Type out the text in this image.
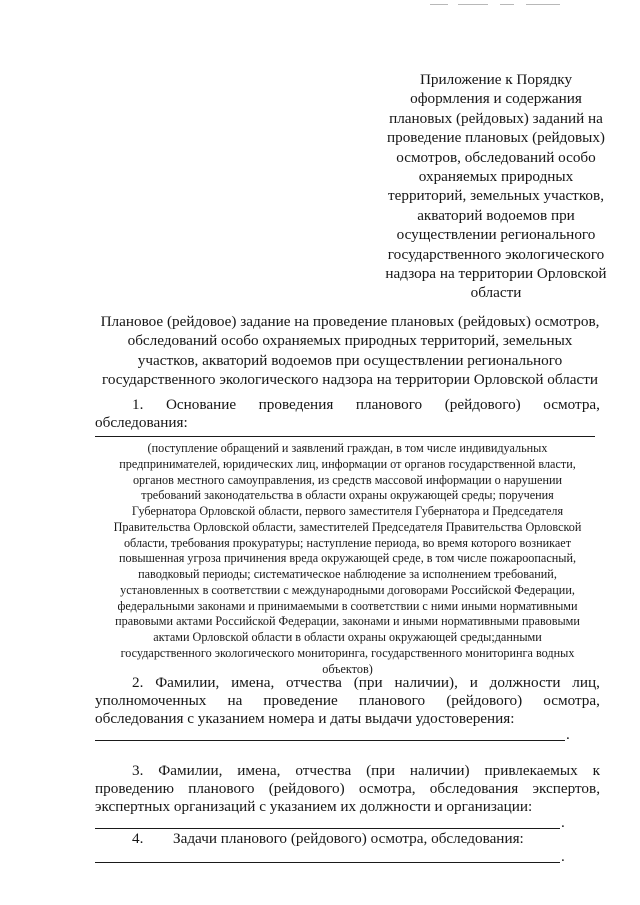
Приложение к Порядку
оформления и содержания
плановых (рейдовых) заданий на
проведение плановых (рейдовых)
осмотров, обследований особо
охраняемых природных
территорий, земельных участков,
акваторий водоемов при
осуществлении регионального
государственного экологического
надзора на территории Орловской
области
Плановое (рейдовое) задание на проведение плановых (рейдовых) осмотров,
обследований особо охраняемых природных территорий, земельных
участков, акваторий водоемов при осуществлении регионального
государственного экологического надзора на территории Орловской области
1. Основание проведения планового (рейдового) осмотра,
обследования:
(поступление обращений и заявлений граждан, в том числе индивидуальных
предпринимателей, юридических лиц, информации от органов государственной власти,
органов местного самоуправления, из средств массовой информации о нарушении
требований законодательства в области охраны окружающей среды; поручения
Губернатора Орловской области, первого заместителя Губернатора и Председателя
Правительства Орловской области, заместителей Председателя Правительства Орловской
области, требования прокуратуры; наступление периода, во время которого возникает
повышенная угроза причинения вреда окружающей среде, в том числе пожароопасный,
паводковый периоды; систематическое наблюдение за исполнением требований,
установленных в соответствии с международными договорами Российской Федерации,
федеральными законами и принимаемыми в соответствии с ними иными нормативными
правовыми актами Российской Федерации, законами и иными нормативными правовыми
актами Орловской области в области охраны окружающей среды;данными
государственного экологического мониторинга, государственного мониторинга водных
объектов)
2. Фамилии, имена, отчества (при наличии), и должности лиц,
уполномоченных на проведение планового (рейдового) осмотра,
обследования с указанием номера и даты выдачи удостоверения:
.
3. Фамилии, имена, отчества (при наличии) привлекаемых к
проведению планового (рейдового) осмотра, обследования экспертов,
экспертных организаций с указанием их должности и организации:
.
4. Задачи планового (рейдового) осмотра, обследования:
.
